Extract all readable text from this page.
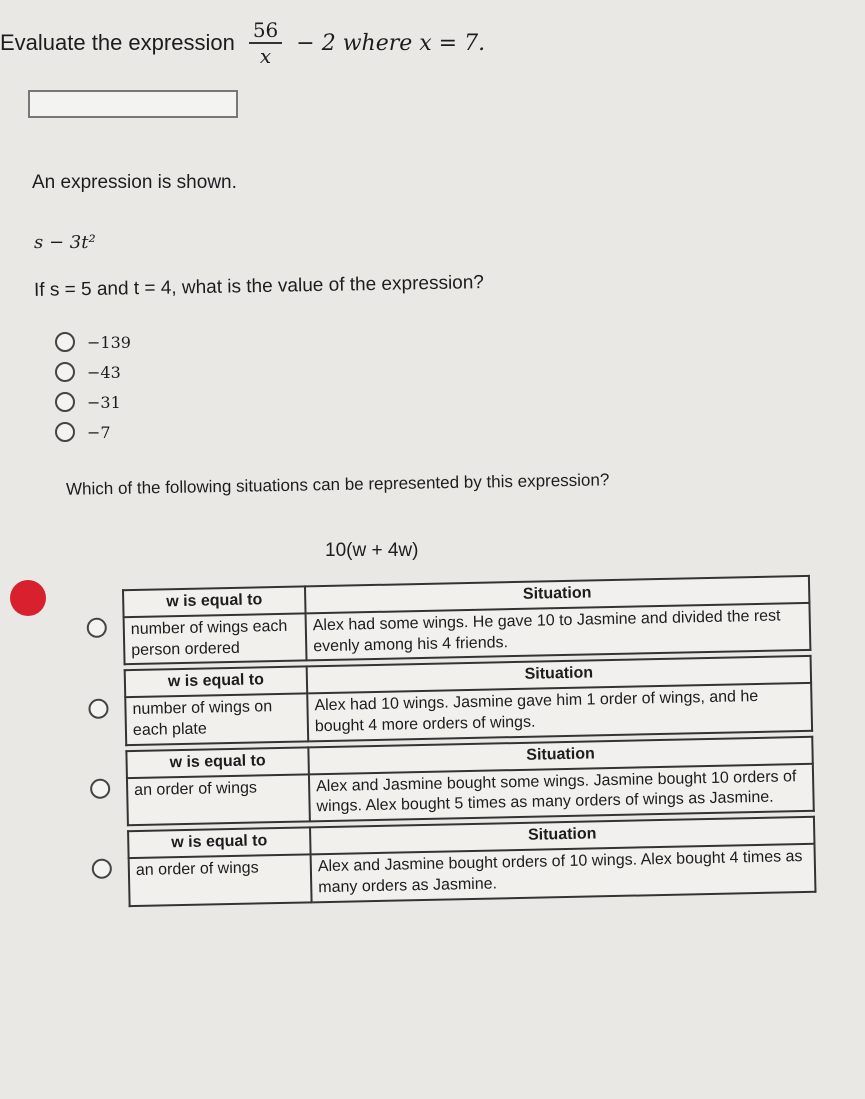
Evaluate the expression $\frac{56}{x} - 2$ where x = 7.
An expression is shown.
s − 3t²
If s = 5 and t = 4, what is the value of the expression?
−139
−43
−31
−7
Which of the following situations can be represented by this expression?
10(w + 4w)
w is equal to	Situation
number of wings each person ordered	Alex had some wings. He gave 10 to Jasmine and divided the rest evenly among his 4 friends.
w is equal to	Situation
number of wings on each plate	Alex had 10 wings. Jasmine gave him 1 order of wings, and he bought 4 more orders of wings.
w is equal to	Situation
an order of wings	Alex and Jasmine bought some wings. Jasmine bought 10 orders of wings. Alex bought 5 times as many orders of wings as Jasmine.
w is equal to	Situation
an order of wings	Alex and Jasmine bought orders of 10 wings. Alex bought 4 times as many orders as Jasmine.
